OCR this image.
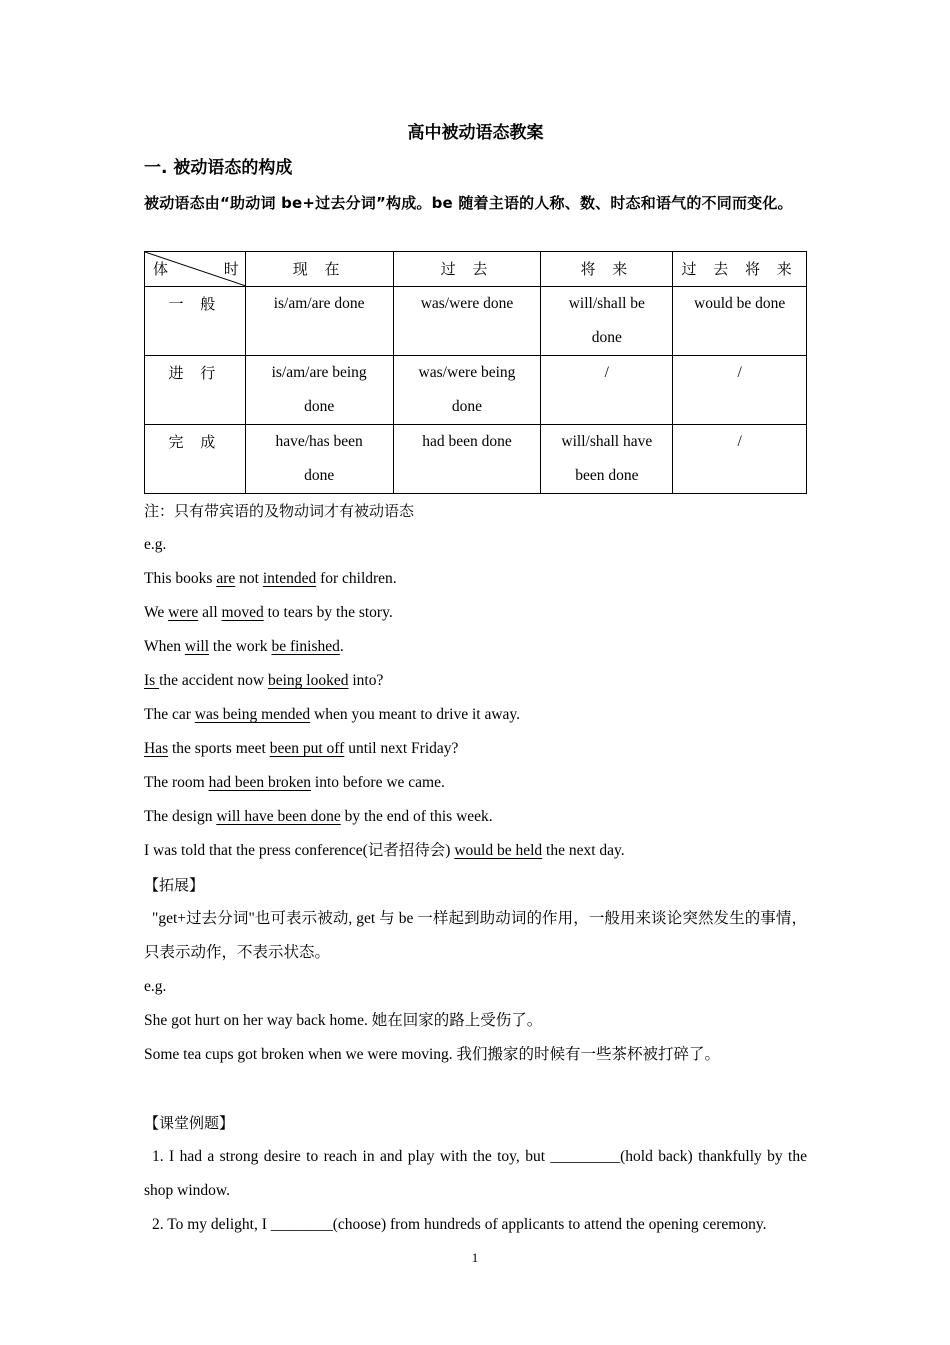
高中被动语态教案
一. 被动语态的构成
被动语态由“助动词 be+过去分词”构成。be 随着主语的人称、数、时态和语气的不同而变化。
体 时	现 在	过 去	将 来	过 去 将 来
一 般	is/am/are done	was/were done	will/shall be done	would be done
进 行	is/am/are being done	was/were being done	/	/
完 成	have/has been done	had been done	will/shall have been done	/
注：只有带宾语的及物动词才有被动语态
e.g.
This books are not intended for children.
We were all moved to tears by the story.
When will the work be finished.
Is the accident now being looked into?
The car was being mended when you meant to drive it away.
Has the sports meet been put off until next Friday?
The room had been broken into before we came.
The design will have been done by the end of this week.
I was told that the press conference(记者招待会) would be held the next day.
【拓展】
"get+过去分词"也可表示被动, get 与 be 一样起到助动词的作用，一般用来谈论突然发生的事情，只表示动作，不表示状态。
e.g.
She got hurt on her way back home. 她在回家的路上受伤了。
Some tea cups got broken when we were moving. 我们搬家的时候有一些茶杯被打碎了。
【课堂例题】
1. I had a strong desire to reach in and play with the toy, but _________(hold back) thankfully by the shop window.
2. To my delight, I ________(choose) from hundreds of applicants to attend the opening ceremony.
1
